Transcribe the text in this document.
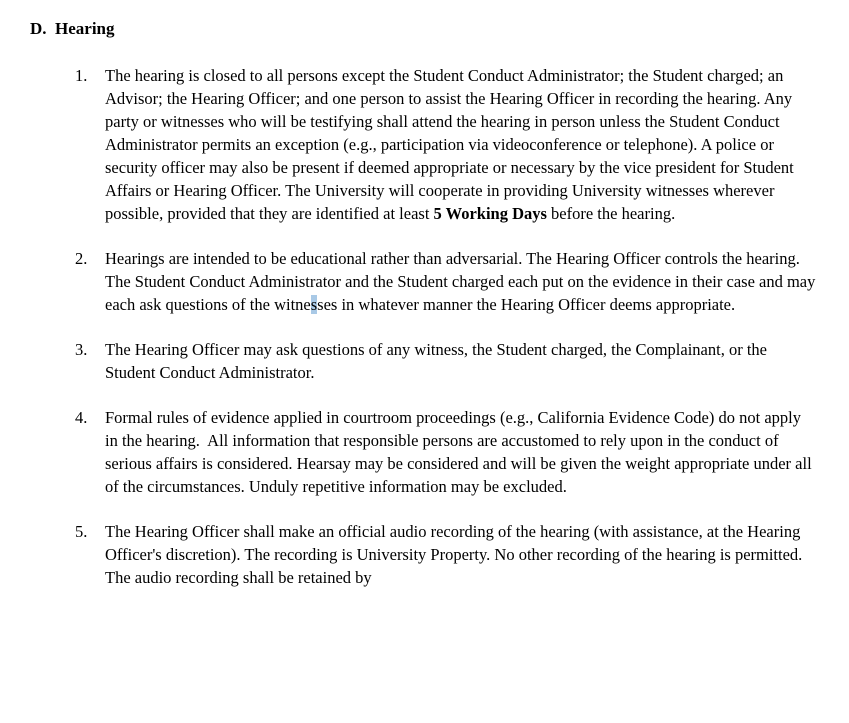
D. Hearing
1.	The hearing is closed to all persons except the Student Conduct Administrator; the Student charged; an Advisor; the Hearing Officer; and one person to assist the Hearing Officer in recording the hearing. Any party or witnesses who will be testifying shall attend the hearing in person unless the Student Conduct Administrator permits an exception (e.g., participation via videoconference or telephone). A police or security officer may also be present if deemed appropriate or necessary by the vice president for Student Affairs or Hearing Officer. The University will cooperate in providing University witnesses wherever possible, provided that they are identified at least 5 Working Days before the hearing.
2.	Hearings are intended to be educational rather than adversarial. The Hearing Officer controls the hearing. The Student Conduct Administrator and the Student charged each put on the evidence in their case and may each ask questions of the witnesses in whatever manner the Hearing Officer deems appropriate.
3.	The Hearing Officer may ask questions of any witness, the Student charged, the Complainant, or the Student Conduct Administrator.
4.	Formal rules of evidence applied in courtroom proceedings (e.g., California Evidence Code) do not apply in the hearing.  All information that responsible persons are accustomed to rely upon in the conduct of serious affairs is considered. Hearsay may be considered and will be given the weight appropriate under all of the circumstances. Unduly repetitive information may be excluded.
5.	The Hearing Officer shall make an official audio recording of the hearing (with assistance, at the Hearing Officer's discretion). The recording is University Property. No other recording of the hearing is permitted. The audio recording shall be retained by
